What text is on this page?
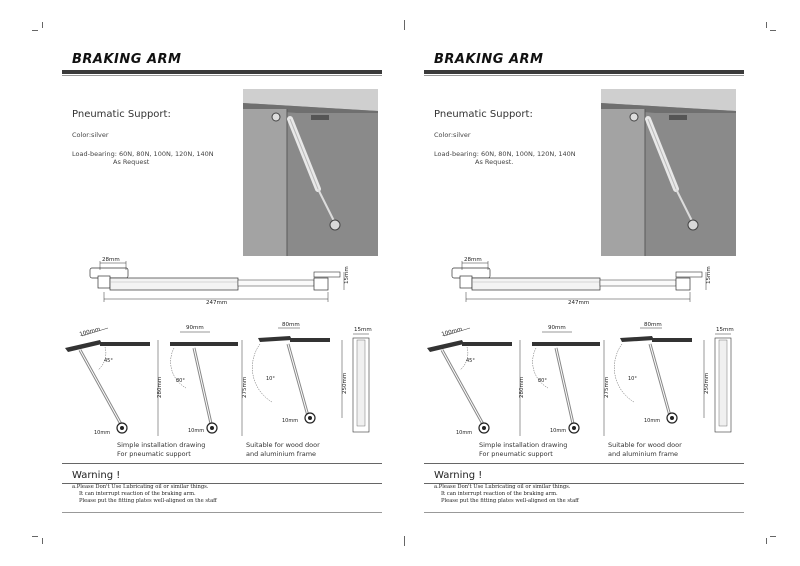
BRAKING ARM
Pneumatic Support:
Color:silver
Load-bearing: 60N, 80N, 100N, 120N, 140N
As Request
28mm
15mm
247mm
100mm
45°
280mm
10mm
90mm
80°	275mm
10mm
80mm
10°	250mm
10mm
15mm
Simple installation drawing
For pneumatic support
Suitable for wood door
and aluminium frame
Warning !
a.Please Don't Use Lubricating oil or similar things.
It can interrupt reaction of the braking arm.
Please put the fitting plates well-aligned on the staff
BRAKING ARM
Pneumatic Support:
Color:silver
Load-bearing: 60N, 80N, 100N, 120N, 140N
As Request.
28mm
15mm
247mm
100mm
45°
280mm
10mm
90mm
80°	275mm
10mm
80mm
10°	250mm
10mm
15mm
Simple installation drawing
For pneumatic support
Suitable for wood door
and aluminium frame
Warning !
a.Please Don't Use Lubricating oil or similar things.
It can interrupt reaction of the braking arm.
Please put the fitting plates well-aligned on the staff
